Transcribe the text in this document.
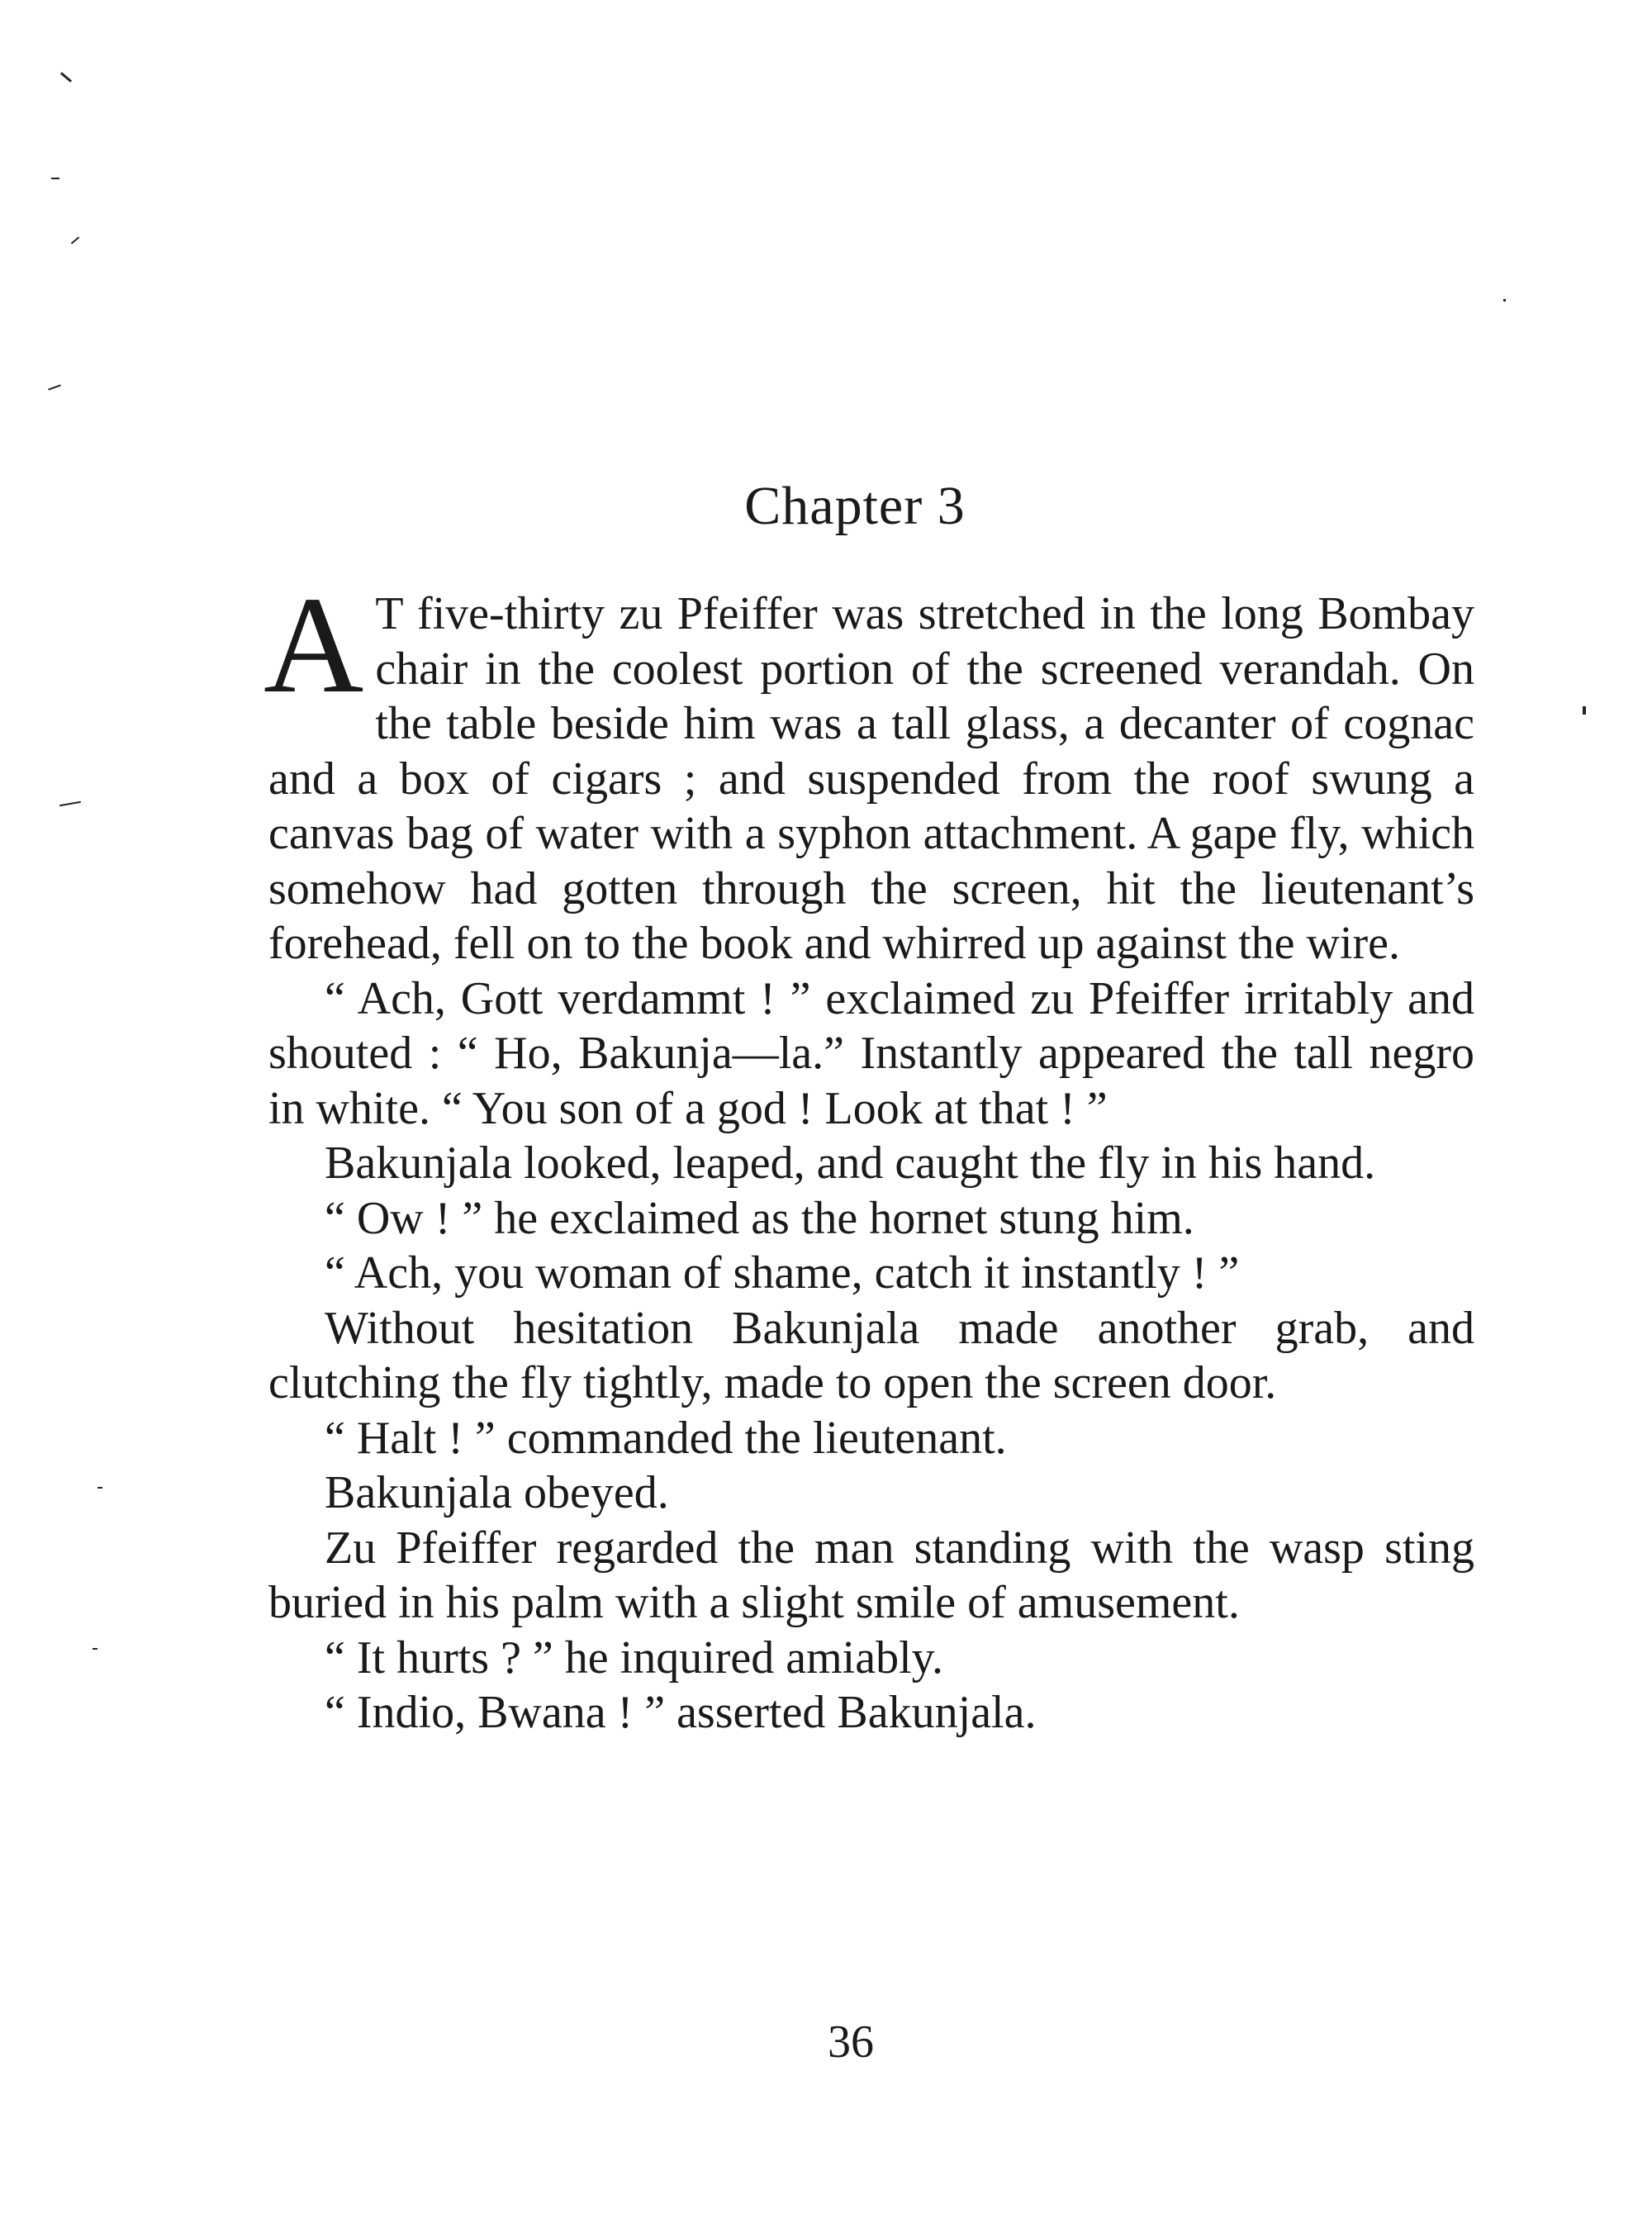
Chapter 3

A T five-thirty zu Pfeiffer was stretched in the long Bombay chair in the coolest portion of the screened verandah. On the table beside him was a tall glass, a decanter of cognac and a box of cigars ; and suspended from the roof swung a canvas bag of water with a syphon attachment. A gape fly, which somehow had gotten through the screen, hit the lieutenant’s forehead, fell on to the book and whirred up against the wire.

“ Ach, Gott verdammt ! ” exclaimed zu Pfeiffer irritably and shouted : “ Ho, Bakunja—la.” Instantly appeared the tall negro in white. “ You son of a god ! Look at that ! ”

Bakunjala looked, leaped, and caught the fly in his hand.

“ Ow ! ” he exclaimed as the hornet stung him.

“ Ach, you woman of shame, catch it instantly ! ”

Without hesitation Bakunjala made another grab, and clutching the fly tightly, made to open the screen door.

“ Halt ! ” commanded the lieutenant.

Bakunjala obeyed.

Zu Pfeiffer regarded the man standing with the wasp sting buried in his palm with a slight smile of amusement.

“ It hurts ? ” he inquired amiably.

“ Indio, Bwana ! ” asserted Bakunjala.

36
